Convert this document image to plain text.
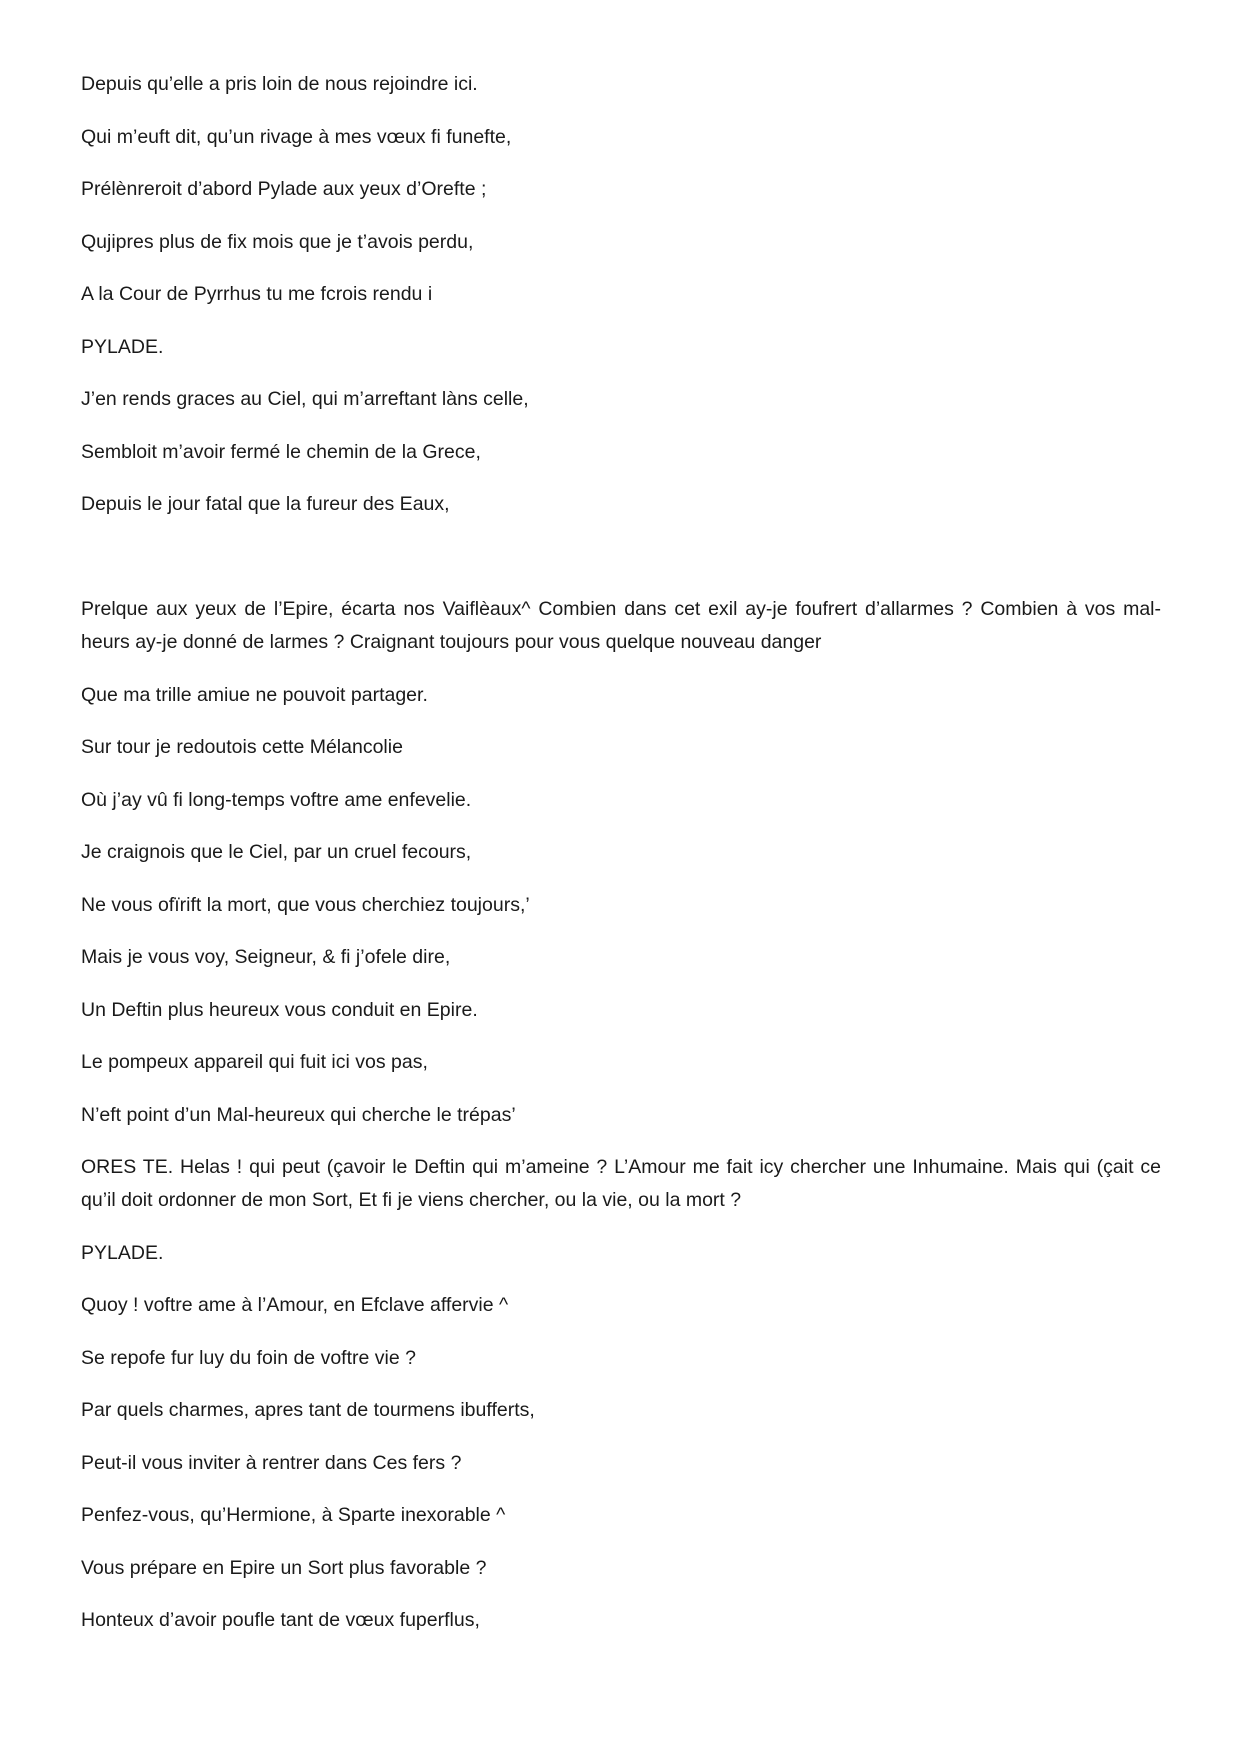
Depuis qu’elle a pris loin de nous rejoindre ici.

Qui m’euft dit, qu’un rivage à mes vœux fi funefte,

Prélènreroit d’abord Pylade aux yeux d’Orefte ;

Qujipres plus de fix mois que je t’avois perdu,

A la Cour de Pyrrhus tu me fcrois rendu i

PYLADE.

J’en rends graces au Ciel, qui m’arreftant làns celle,

Sembloit m’avoir fermé le chemin de la Grece,

Depuis le jour fatal que la fureur des Eaux,

Prelque aux yeux de l’Epire, écarta nos Vaiflèaux^ Combien dans cet exil ay-je foufrert d’allarmes ? Combien à vos mal-heurs ay-je donné de larmes ? Craignant toujours pour vous quelque nouveau danger

Que ma trille amiue ne pouvoit partager.

Sur tour je redoutois cette Mélancolie

Où j’ay vû fi long-temps voftre ame enfevelie.

Je craignois que le Ciel, par un cruel fecours,

Ne vous ofïrift la mort, que vous cherchiez toujours,’

Mais je vous voy, Seigneur, & fi j’ofele dire,

Un Deftin plus heureux vous conduit en Epire.

Le pompeux appareil qui fuit ici vos pas,

N’eft point d’un Mal-heureux qui cherche le trépas’

ORES TE. Helas ! qui peut (çavoir le Deftin qui m’ameine ? L’Amour me fait icy chercher une Inhumaine. Mais qui (çait ce qu’il doit ordonner de mon Sort, Et fi je viens chercher, ou la vie, ou la mort ?

PYLADE.

Quoy ! voftre ame à l’Amour, en Efclave affervie ^

Se repofe fur luy du foin de voftre vie ?

Par quels charmes, apres tant de tourmens ibufferts,

Peut-il vous inviter à rentrer dans Ces fers ?

Penfez-vous, qu’Hermione, à Sparte inexorable ^

Vous prépare en Epire un Sort plus favorable ?

Honteux d’avoir poufle tant de vœux fuperflus,
